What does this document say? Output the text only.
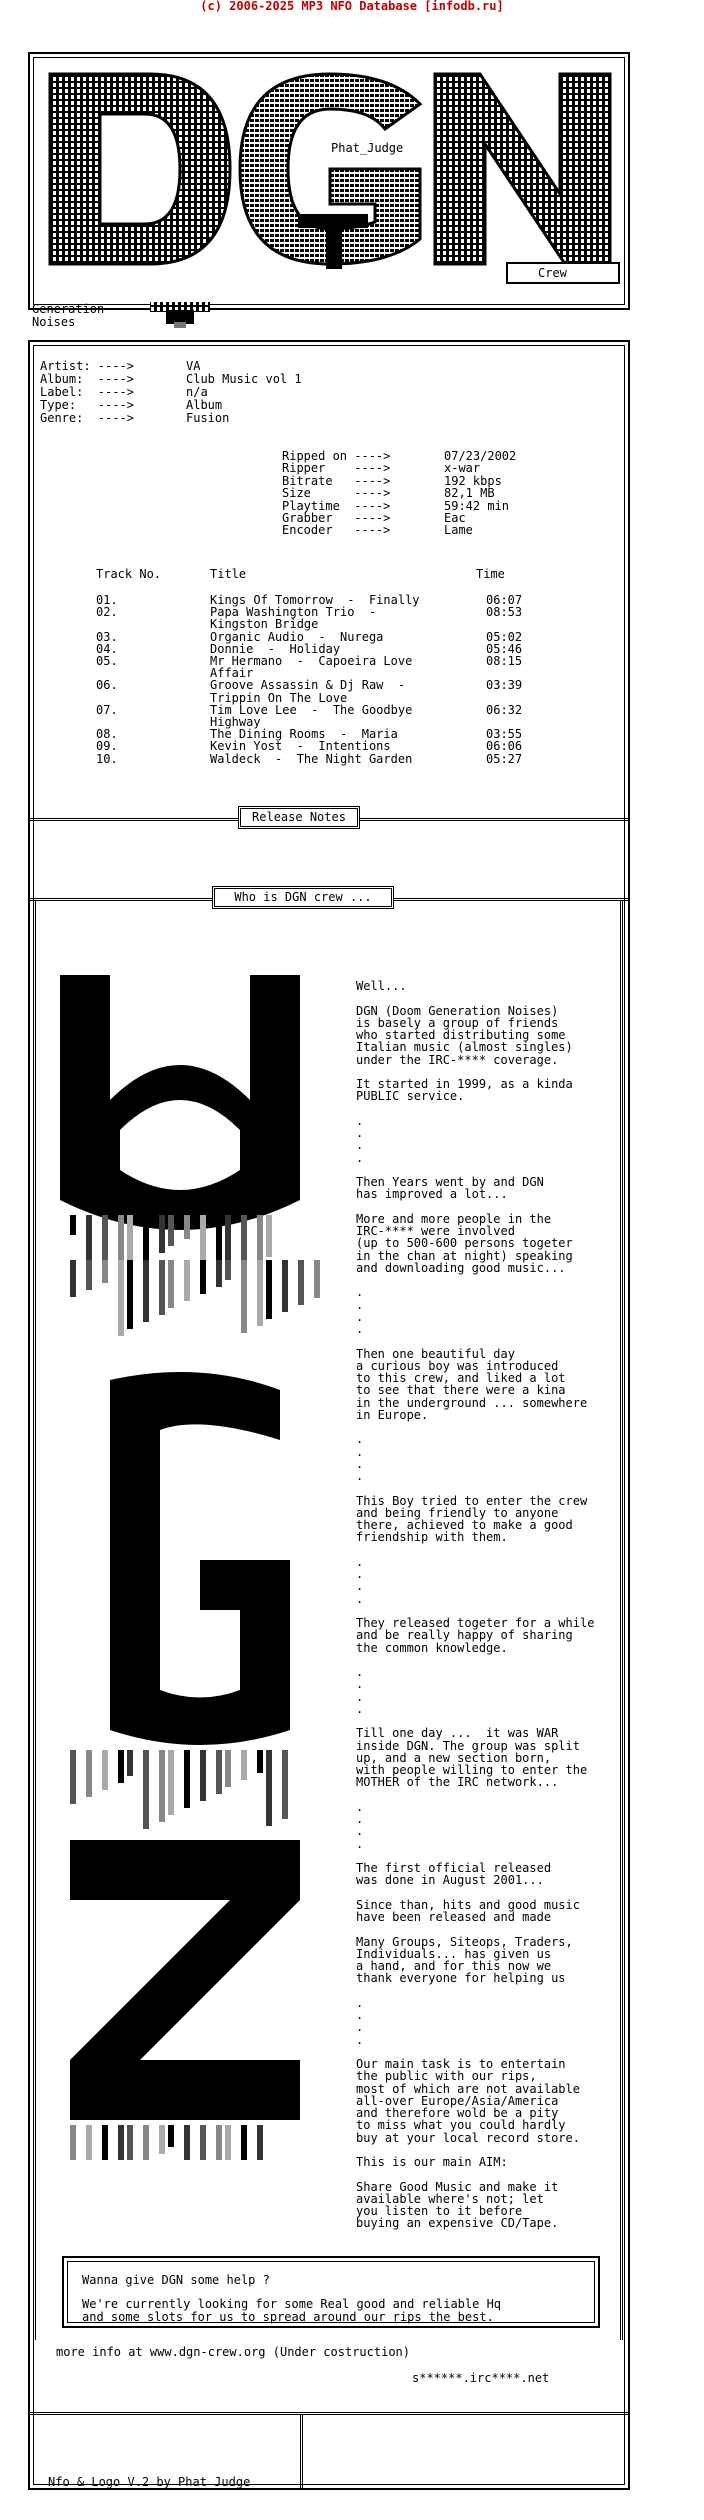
(c) 2006-2025 MP3 NFO Database [infodb.ru]
Phat_Judge
Crew
Generation
Noises
Artist: ---->	VA
Album:  ---->	Club Music vol 1
Label:  ---->	n/a
Type:   ---->	Album
Genre:  ---->	Fusion
Ripped on ---->	07/23/2002
Ripper    ---->	x-war
Bitrate   ---->	192 kbps
Size      ---->	82,1 MB
Playtime  ---->	59:42 min
Grabber   ---->	Eac
Encoder   ---->	Lame
Track No.	Title	Time
01.	Kings Of Tomorrow  -  Finally	06:07
02.	Papa Washington Trio  -	08:53
Kingston Bridge
03.	Organic Audio  -  Nurega	05:02
04.	Donnie  -  Holiday	05:46
05.	Mr Hermano  -  Capoeira Love	08:15
Affair
06.	Groove Assassin & Dj Raw  -	03:39
Trippin On The Love
07.	Tim Love Lee  -  The Goodbye	06:32
Highway
08.	The Dining Rooms  -  Maria	03:55
09.	Kevin Yost  -  Intentions	06:06
10.	Waldeck  -  The Night Garden	05:27
Release Notes
Who is DGN crew ...
Well...
DGN (Doom Generation Noises)
is basely a group of friends
who started distributing some
Italian music (almost singles)
under the IRC-**** coverage.
It started in 1999, as a kinda
PUBLIC service.
.
.
.
.
Then Years went by and DGN
has improved a lot...
More and more people in the
IRC-**** were involved
(up to 500-600 persons togeter
in the chan at night) speaking
and downloading good music...
.
.
.
.
Then one beautiful day
a curious boy was introduced
to this crew, and liked a lot
to see that there were a kina
in the underground ... somewhere
in Europe.
.
.
.
.
This Boy tried to enter the crew
and being friendly to anyone
there, achieved to make a good
friendship with them.
.
.
.
.
They released togeter for a while
and be really happy of sharing
the common knowledge.
.
.
.
.
Till one day ...  it was WAR
inside DGN. The group was split
up, and a new section born,
with people willing to enter the
MOTHER of the IRC network...
.
.
.
.
The first official released
was done in August 2001...
Since than, hits and good music
have been released and made
Many Groups, Siteops, Traders,
Individuals... has given us
a hand, and for this now we
thank everyone for helping us
.
.
.
.
Our main task is to entertain
the public with our rips,
most of which are not available
all-over Europe/Asia/America
and therefore wold be a pity
to miss what you could hardly
buy at your local record store.
This is our main AIM:
Share Good Music and make it
available where's not; let
you listen to it before
buying an expensive CD/Tape.
Wanna give DGN some help ?
We're currently looking for some Real good and reliable Hq
and some slots for us to spread around our rips the best.
more info at www.dgn-crew.org (Under costruction)
s******.irc****.net
Nfo & Logo V.2 by Phat_Judge
